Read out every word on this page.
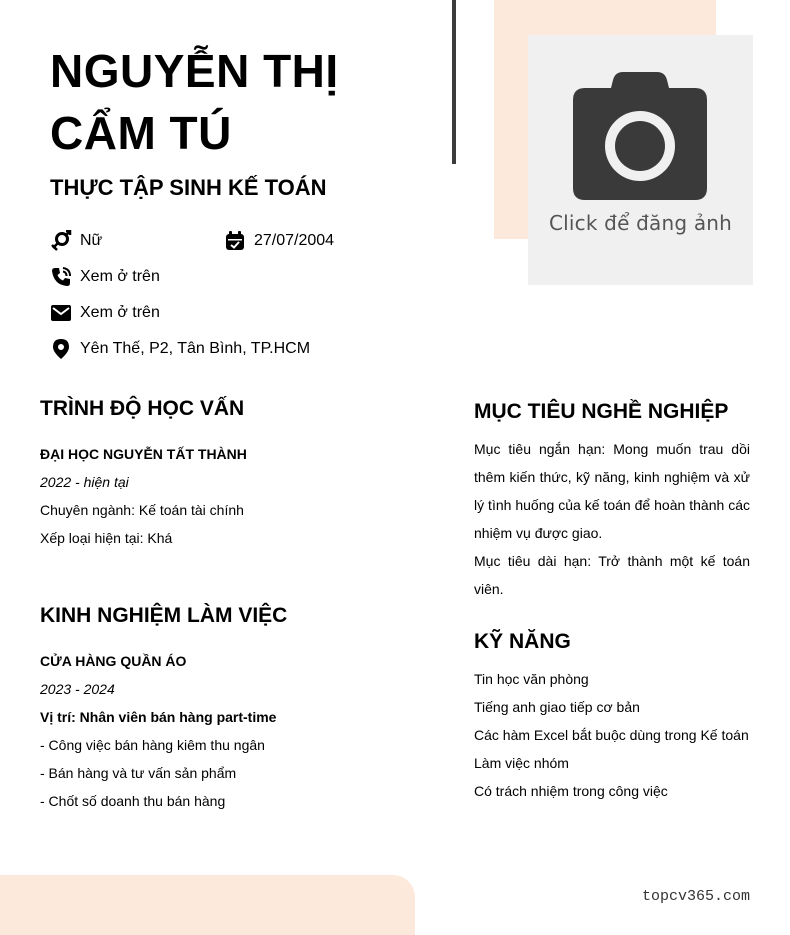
Click để đăng ảnh
NGUYỄN THỊ CẨM TÚ
THỰC TẬP SINH KẾ TOÁN
Nữ	27/07/2004
Xem ở trên
Xem ở trên
Yên Thế, P2, Tân Bình, TP.HCM
TRÌNH ĐỘ HỌC VẤN
ĐẠI HỌC NGUYỄN TẤT THÀNH
2022 - hiện tại
Chuyên ngành: Kế toán tài chính
Xếp loại hiện tại: Khá
KINH NGHIỆM LÀM VIỆC
CỬA HÀNG QUẦN ÁO
2023 - 2024
Vị trí: Nhân viên bán hàng part-time
- Công việc bán hàng kiêm thu ngân
- Bán hàng và tư vấn sản phẩm
- Chốt số doanh thu bán hàng
MỤC TIÊU NGHỀ NGHIỆP

Mục tiêu ngắn hạn: Mong muốn trau dồi thêm kiến thức, kỹ năng, kinh nghiệm và xử lý tình huống của kế toán để hoàn thành các nhiệm vụ được giao.

Mục tiêu dài hạn: Trở thành một kế toán viên.

KỸ NĂNG
Tin học văn phòng
Tiếng anh giao tiếp cơ bản
Các hàm Excel bắt buộc dùng trong Kế toán
Làm việc nhóm
Có trách nhiệm trong công việc
topcv365.com
